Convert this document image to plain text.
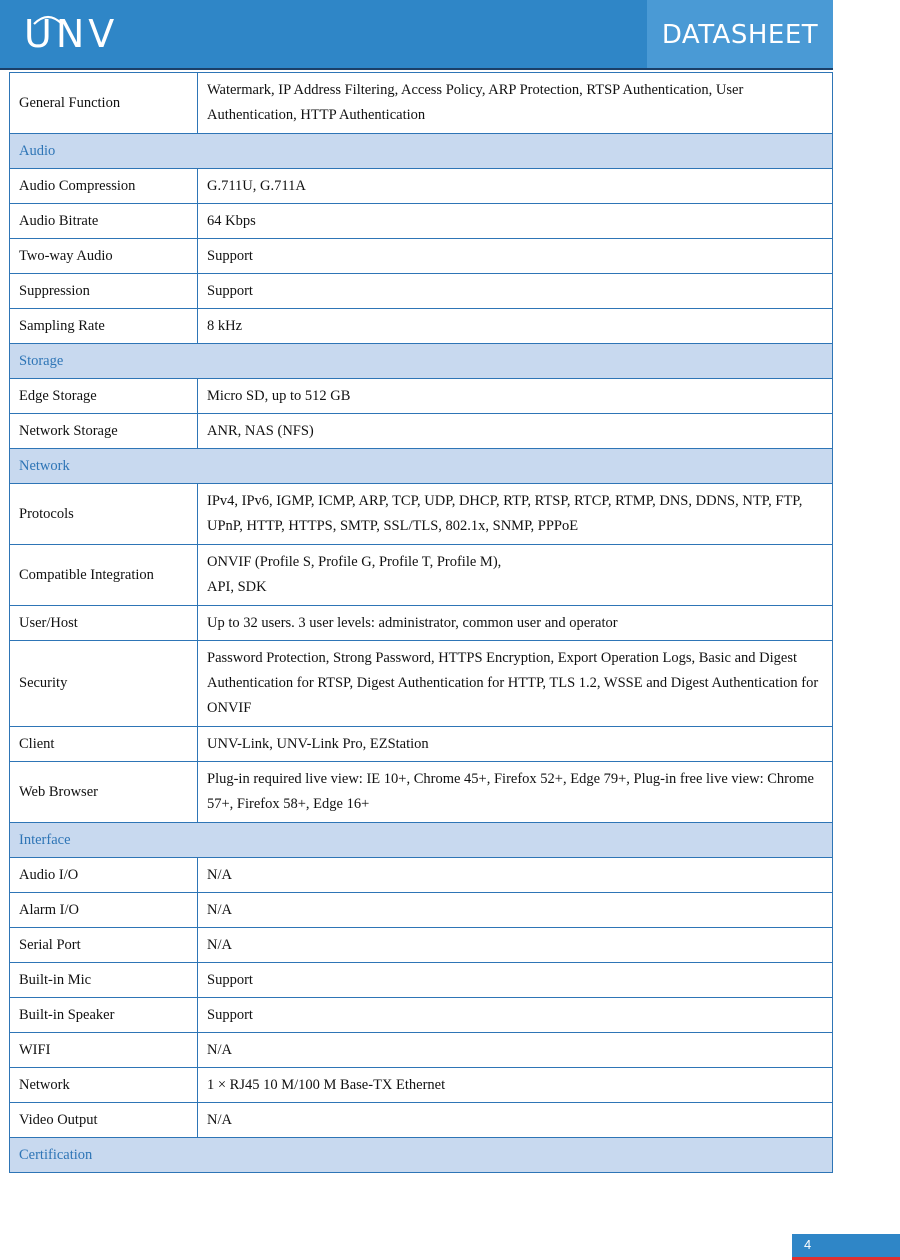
UNV	DATASHEET
General Function	Watermark, IP Address Filtering, Access Policy, ARP Protection, RTSP Authentication, User Authentication, HTTP Authentication
Audio	
Audio Compression	G.711U, G.711A
Audio Bitrate	64 Kbps
Two-way Audio	Support
Suppression	Support
Sampling Rate	8 kHz
Storage	
Edge Storage	Micro SD, up to 512 GB
Network Storage	ANR, NAS (NFS)
Network	
Protocols	IPv4, IPv6, IGMP, ICMP, ARP, TCP, UDP, DHCP, RTP, RTSP, RTCP, RTMP, DNS, DDNS, NTP, FTP, UPnP, HTTP, HTTPS, SMTP, SSL/TLS, 802.1x, SNMP, PPPoE
Compatible Integration	ONVIF (Profile S, Profile G, Profile T, Profile M),
API, SDK
User/Host	Up to 32 users. 3 user levels: administrator, common user and operator
Security	Password Protection, Strong Password, HTTPS Encryption, Export Operation Logs, Basic and Digest Authentication for RTSP, Digest Authentication for HTTP, TLS 1.2, WSSE and Digest Authentication for ONVIF
Client	UNV-Link, UNV-Link Pro, EZStation
Web Browser	Plug-in required live view: IE 10+, Chrome 45+, Firefox 52+, Edge 79+, Plug-in free live view: Chrome 57+, Firefox 58+, Edge 16+
Interface	
Audio I/O	N/A
Alarm I/O	N/A
Serial Port	N/A
Built-in Mic	Support
Built-in Speaker	Support
WIFI	N/A
Network	1 × RJ45 10 M/100 M Base-TX Ethernet
Video Output	N/A
Certification	
4
